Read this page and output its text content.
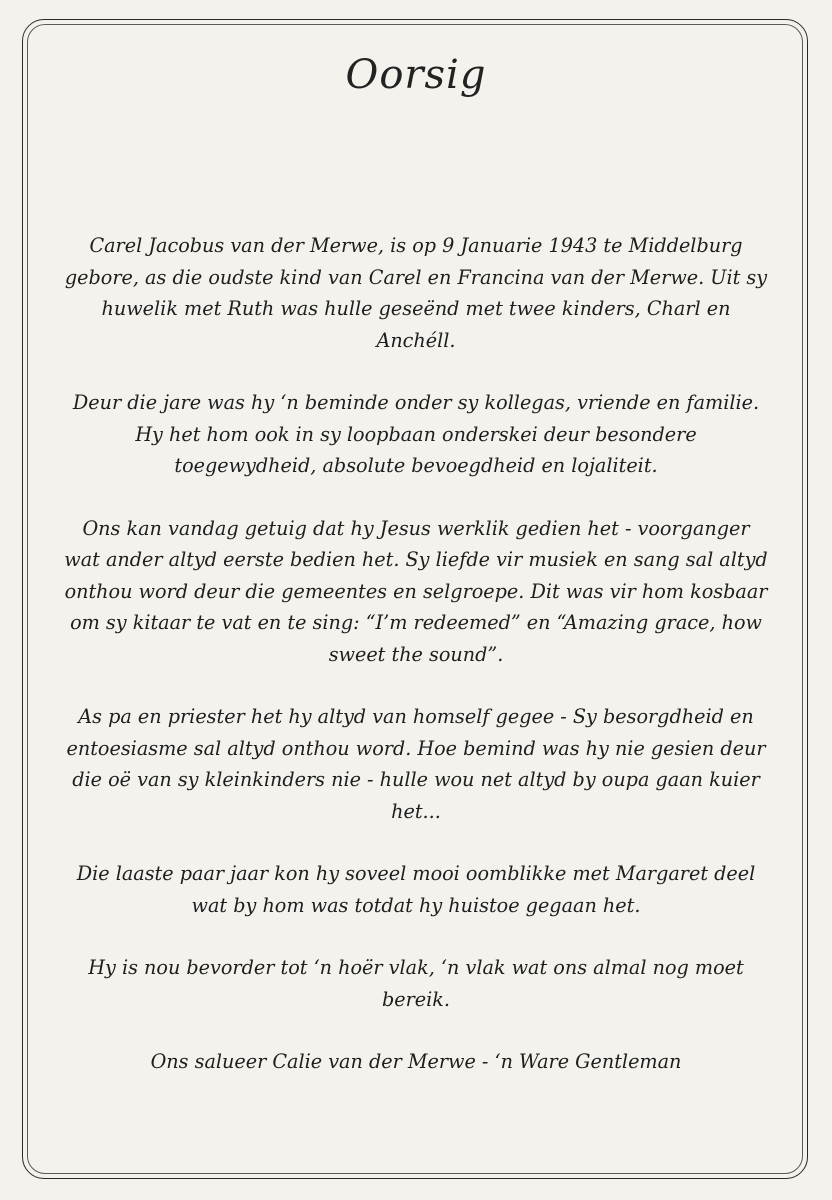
Oorsig

Carel Jacobus van der Merwe, is op 9 Januarie 1943 te Middelburg gebore, as die oudste kind van Carel en Francina van der Merwe. Uit sy huwelik met Ruth was hulle geseënd met twee kinders, Charl en Anchéll.

Deur die jare was hy ‘n beminde onder sy kollegas, vriende en familie. Hy het hom ook in sy loopbaan onderskei deur besondere toegewydheid, absolute bevoegdheid en lojaliteit.

Ons kan vandag getuig dat hy Jesus werklik gedien het - voorganger wat ander altyd eerste bedien het. Sy liefde vir musiek en sang sal altyd onthou word deur die gemeentes en selgroepe. Dit was vir hom kosbaar om sy kitaar te vat en te sing: “I’m redeemed” en “Amazing grace, how sweet the sound”.

As pa en priester het hy altyd van homself gegee - Sy besorgdheid en entoesiasme sal altyd onthou word. Hoe bemind was hy nie gesien deur die oë van sy kleinkinders nie - hulle wou net altyd by oupa gaan kuier het...

Die laaste paar jaar kon hy soveel mooi oomblikke met Margaret deel wat by hom was totdat hy huistoe gegaan het.

Hy is nou bevorder tot ‘n hoër vlak, ‘n vlak wat ons almal nog moet bereik.

Ons salueer Calie van der Merwe - ‘n Ware Gentleman
